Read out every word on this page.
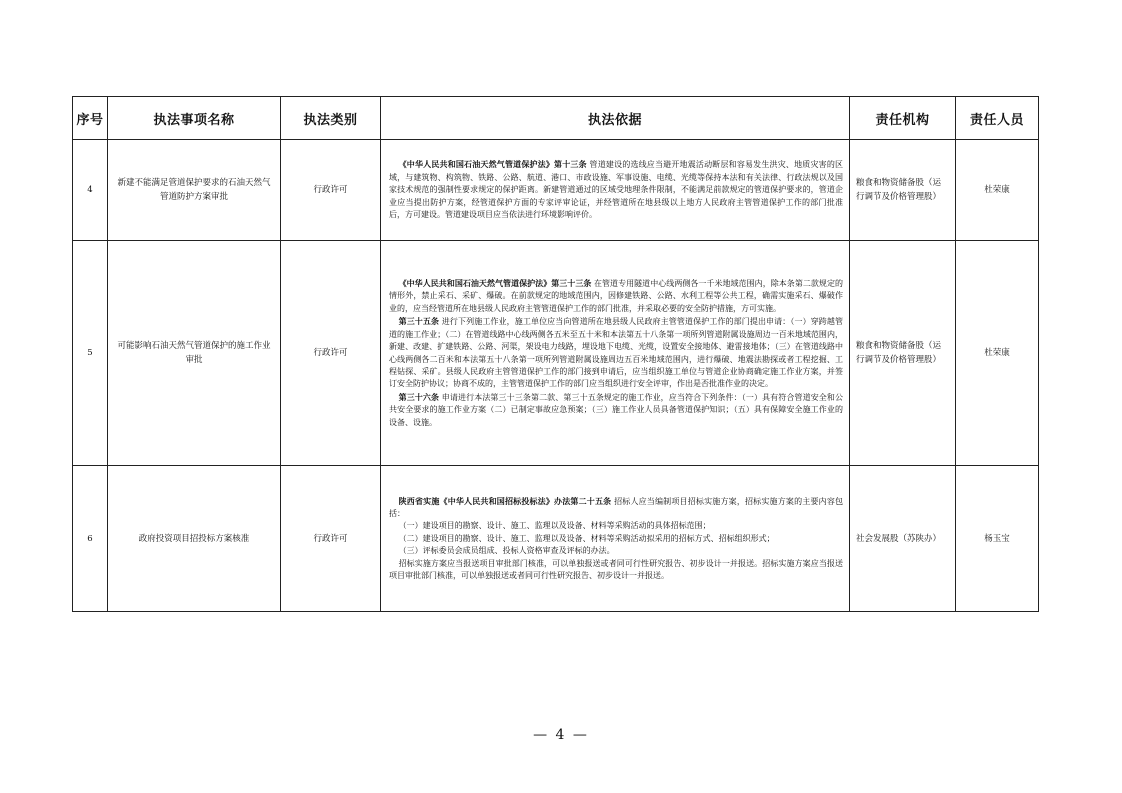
序号	执法事项名称	执法类别	执法依据	责任机构	责任人员
4	新建不能满足管道保护要求的石油天然气管道防护方案审批	行政许可	《中华人民共和国石油天然气管道保护法》第十三条 管道建设的选线应当避开地震活动断层和容易发生洪灾、地质灾害的区域，与建筑物、构筑物、铁路、公路、航道、港口、市政设施、军事设施、电缆、光缆等保持本法和有关法律、行政法规以及国家技术规范的强制性要求规定的保护距离。新建管道通过的区域受地理条件限制，不能满足前款规定的管道保护要求的，管道企业应当提出防护方案，经管道保护方面的专家评审论证，并经管道所在地县级以上地方人民政府主管管道保护工作的部门批准后，方可建设。管道建设项目应当依法进行环境影响评价。	粮食和物资储备股（运行调节及价格管理股）	杜荣康
5	可能影响石油天然气管道保护的施工作业审批	行政许可	《中华人民共和国石油天然气管道保护法》第三十三条 在管道专用隧道中心线两侧各一千米地域范围内，除本条第二款规定的情形外，禁止采石、采矿、爆破。在前款规定的地域范围内，因修建铁路、公路、水利工程等公共工程，确需实施采石、爆破作业的，应当经管道所在地县级人民政府主管管道保护工作的部门批准，并采取必要的安全防护措施，方可实施。

第三十五条 进行下列施工作业，施工单位应当向管道所在地县级人民政府主管管道保护工作的部门提出申请：（一）穿跨越管道的施工作业；（二）在管道线路中心线两侧各五米至五十米和本法第五十八条第一项所列管道附属设施周边一百米地域范围内，新建、改建、扩建铁路、公路、河渠，架设电力线路，埋设地下电缆、光缆，设置安全接地体、避雷接地体；（三）在管道线路中心线两侧各二百米和本法第五十八条第一项所列管道附属设施周边五百米地域范围内，进行爆破、地震法勘探或者工程挖掘、工程钻探、采矿。县级人民政府主管管道保护工作的部门接到申请后，应当组织施工单位与管道企业协商确定施工作业方案，并签订安全防护协议；协商不成的，主管管道保护工作的部门应当组织进行安全评审，作出是否批准作业的决定。

第三十六条 申请进行本法第三十三条第二款、第三十五条规定的施工作业，应当符合下列条件：（一）具有符合管道安全和公共安全要求的施工作业方案（二）已制定事故应急预案；（三）施工作业人员具备管道保护知识；（五）具有保障安全施工作业的设备、设施。	粮食和物资储备股（运行调节及价格管理股）	杜荣康
6	政府投资项目招投标方案核准	行政许可	陕西省实施《中华人民共和国招标投标法》办法第二十五条 招标人应当编制项目招标实施方案，招标实施方案的主要内容包括：

（一）建设项目的勘察、设计、施工、监理以及设备、材料等采购活动的具体招标范围；

（二）建设项目的勘察、设计、施工、监理以及设备、材料等采购活动拟采用的招标方式、招标组织形式；

（三）评标委员会成员组成、投标人资格审查及评标的办法。

招标实施方案应当报送项目审批部门核准，可以单独报送或者同可行性研究报告、初步设计一并报送。招标实施方案应当报送项目审批部门核准，可以单独报送或者同可行性研究报告、初步设计一并报送。	社会发展股（苏陕办）	杨玉宝
— 4 —
